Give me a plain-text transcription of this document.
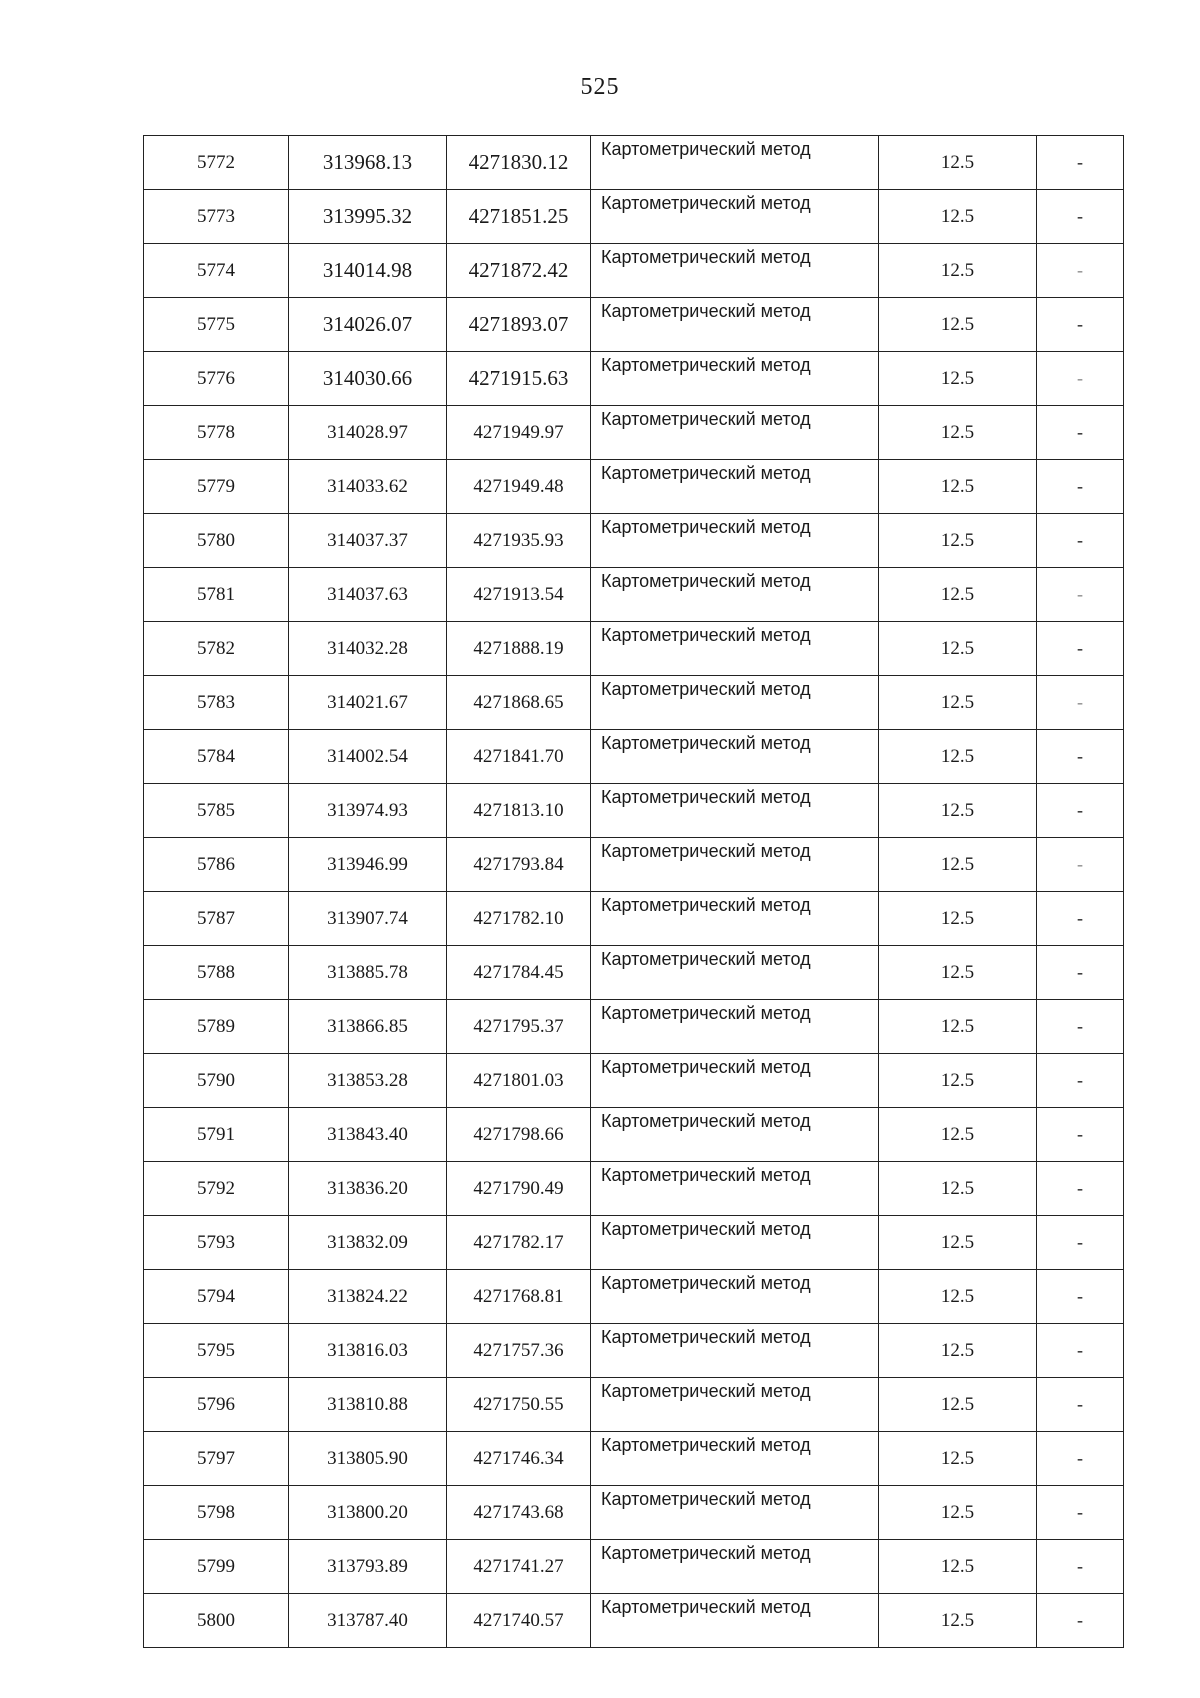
525
5772	313968.13	4271830.12	Картометрический метод	12.5	-
5773	313995.32	4271851.25	Картометрический метод	12.5	-
5774	314014.98	4271872.42	Картометрический метод	12.5	-
5775	314026.07	4271893.07	Картометрический метод	12.5	-
5776	314030.66	4271915.63	Картометрический метод	12.5	-
5778	314028.97	4271949.97	Картометрический метод	12.5	-
5779	314033.62	4271949.48	Картометрический метод	12.5	-
5780	314037.37	4271935.93	Картометрический метод	12.5	-
5781	314037.63	4271913.54	Картометрический метод	12.5	-
5782	314032.28	4271888.19	Картометрический метод	12.5	-
5783	314021.67	4271868.65	Картометрический метод	12.5	-
5784	314002.54	4271841.70	Картометрический метод	12.5	-
5785	313974.93	4271813.10	Картометрический метод	12.5	-
5786	313946.99	4271793.84	Картометрический метод	12.5	-
5787	313907.74	4271782.10	Картометрический метод	12.5	-
5788	313885.78	4271784.45	Картометрический метод	12.5	-
5789	313866.85	4271795.37	Картометрический метод	12.5	-
5790	313853.28	4271801.03	Картометрический метод	12.5	-
5791	313843.40	4271798.66	Картометрический метод	12.5	-
5792	313836.20	4271790.49	Картометрический метод	12.5	-
5793	313832.09	4271782.17	Картометрический метод	12.5	-
5794	313824.22	4271768.81	Картометрический метод	12.5	-
5795	313816.03	4271757.36	Картометрический метод	12.5	-
5796	313810.88	4271750.55	Картометрический метод	12.5	-
5797	313805.90	4271746.34	Картометрический метод	12.5	-
5798	313800.20	4271743.68	Картометрический метод	12.5	-
5799	313793.89	4271741.27	Картометрический метод	12.5	-
5800	313787.40	4271740.57	Картометрический метод	12.5	-
